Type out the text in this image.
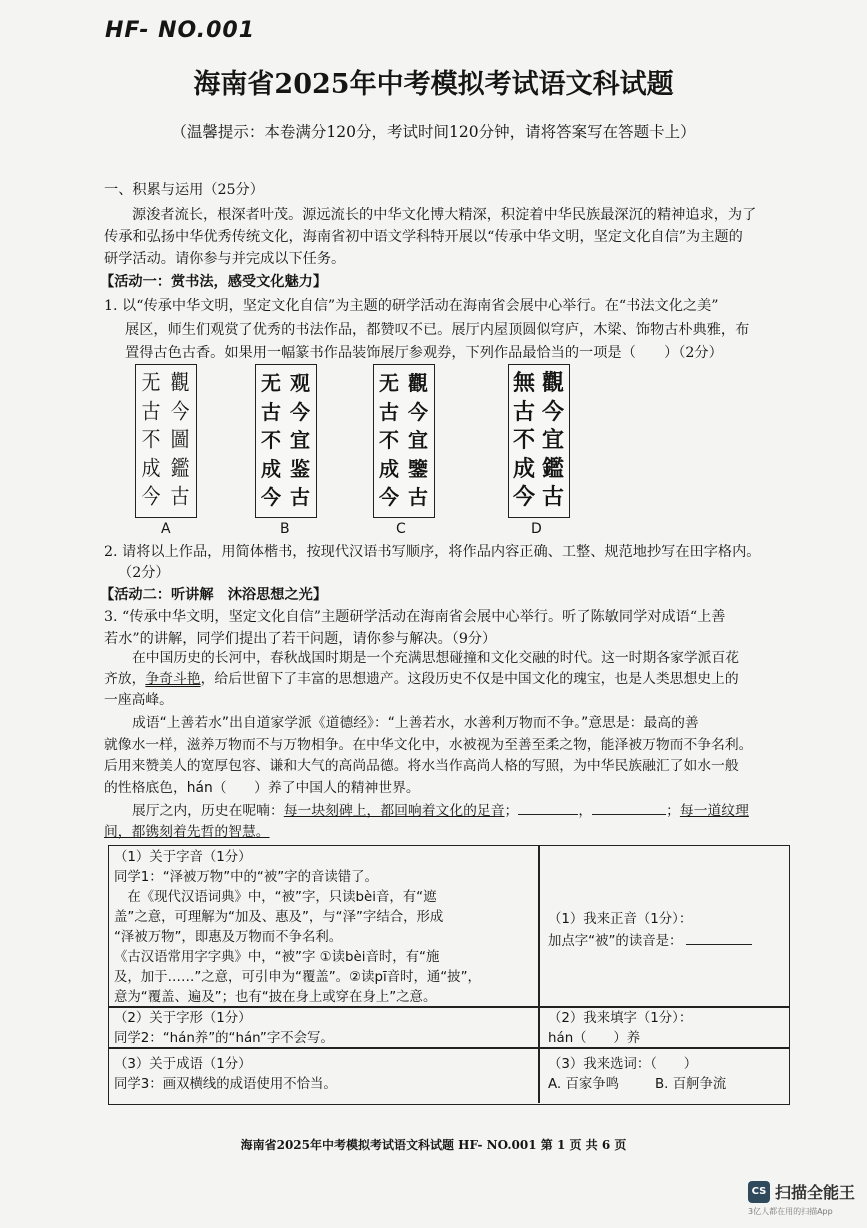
HF- NO.001
海南省2025年中考模拟考试语文科试题
（温馨提示：本卷满分120分，考试时间120分钟，请将答案写在答题卡上）
一、积累与运用（25分）
源浚者流长，根深者叶茂。源远流长的中华文化博大精深，积淀着中华民族最深沉的精神追求，为了
传承和弘扬中华优秀传统文化，海南省初中语文学科特开展以“传承中华文明，坚定文化自信”为主题的
研学活动。请你参与并完成以下任务。
【活动一：赏书法，感受文化魅力】
1. 以“传承中华文明，坚定文化自信”为主题的研学活动在海南省会展中心举行。在“书法文化之美”
展区，师生们观赏了优秀的书法作品，都赞叹不已。展厅内屋顶圆似穹庐，木梁、饰物古朴典雅，布
置得古色古香。如果用一幅篆书作品装饰展厅参观券，下列作品最恰当的一项是（　　）（2分）
觀
今
圖
鑑
古
无
古
不
成
今
观
今
宜
鉴
古
无
古
不
成
今
觀
今
宜
鑒
古
无
古
不
成
今
觀
今
宜
鑑
古
無
古
不
成
今
A	B	C	D
2. 请将以上作品，用简体楷书，按现代汉语书写顺序，将作品内容正确、工整、规范地抄写在田字格内。
（2分）
【活动二：听讲解　沐浴思想之光】
3. “传承中华文明，坚定文化自信”主题研学活动在海南省会展中心举行。听了陈敏同学对成语“上善
若水”的讲解，同学们提出了若干问题，请你参与解决。（9分）
在中国历史的长河中，春秋战国时期是一个充满思想碰撞和文化交融的时代。这一时期各家学派百花
齐放，争奇斗艳，给后世留下了丰富的思想遗产。这段历史不仅是中国文化的瑰宝，也是人类思想史上的
一座高峰。
成语“上善若水”出自道家学派《道德经》：“上善若水，水善利万物而不争。”意思是：最高的善
就像水一样，滋养万物而不与万物相争。在中华文化中，水被视为至善至柔之物，能泽被万物而不争名利。
后用来赞美人的宽厚包容、谦和大气的高尚品德。将水当作高尚人格的写照，为中华民族融汇了如水一般
的性格底色，hán（　　）养了中国人的精神世界。
展厅之内，历史在呢喃：每一块刻碑上，都回响着文化的足音；	，	；每一道纹理
间，都镌刻着先哲的智慧。
（1）关于字音（1分）
同学1：“泽被万物”中的“被”字的音读错了。
　在《现代汉语词典》中，“被”字，只读bèi音，有“遮
盖”之意，可理解为“加及、惠及”，与“泽”字结合，形成
“泽被万物”，即惠及万物而不争名利。
《古汉语常用字字典》中，“被”字 ①读bèi音时，有“施
及，加于……”之意，可引申为“覆盖”。②读pī音时，通“披”，
意为“覆盖、遍及”；也有“披在身上或穿在身上”之意。
（1）我来正音（1分）：
加点字“被”的读音是：
（2）关于字形（1分）
同学2：“hán养”的“hán”字不会写。
（2）我来填字（1分）：
hán（　　）养
（3）关于成语（1分）
同学3：画双横线的成语使用不恰当。
（3）我来选词：（　　）
A. 百家争鸣	B. 百舸争流
海南省2025年中考模拟考试语文科试题 HF- NO.001 第 1 页 共 6 页
CS 扫描全能王
3亿人都在用的扫描App
